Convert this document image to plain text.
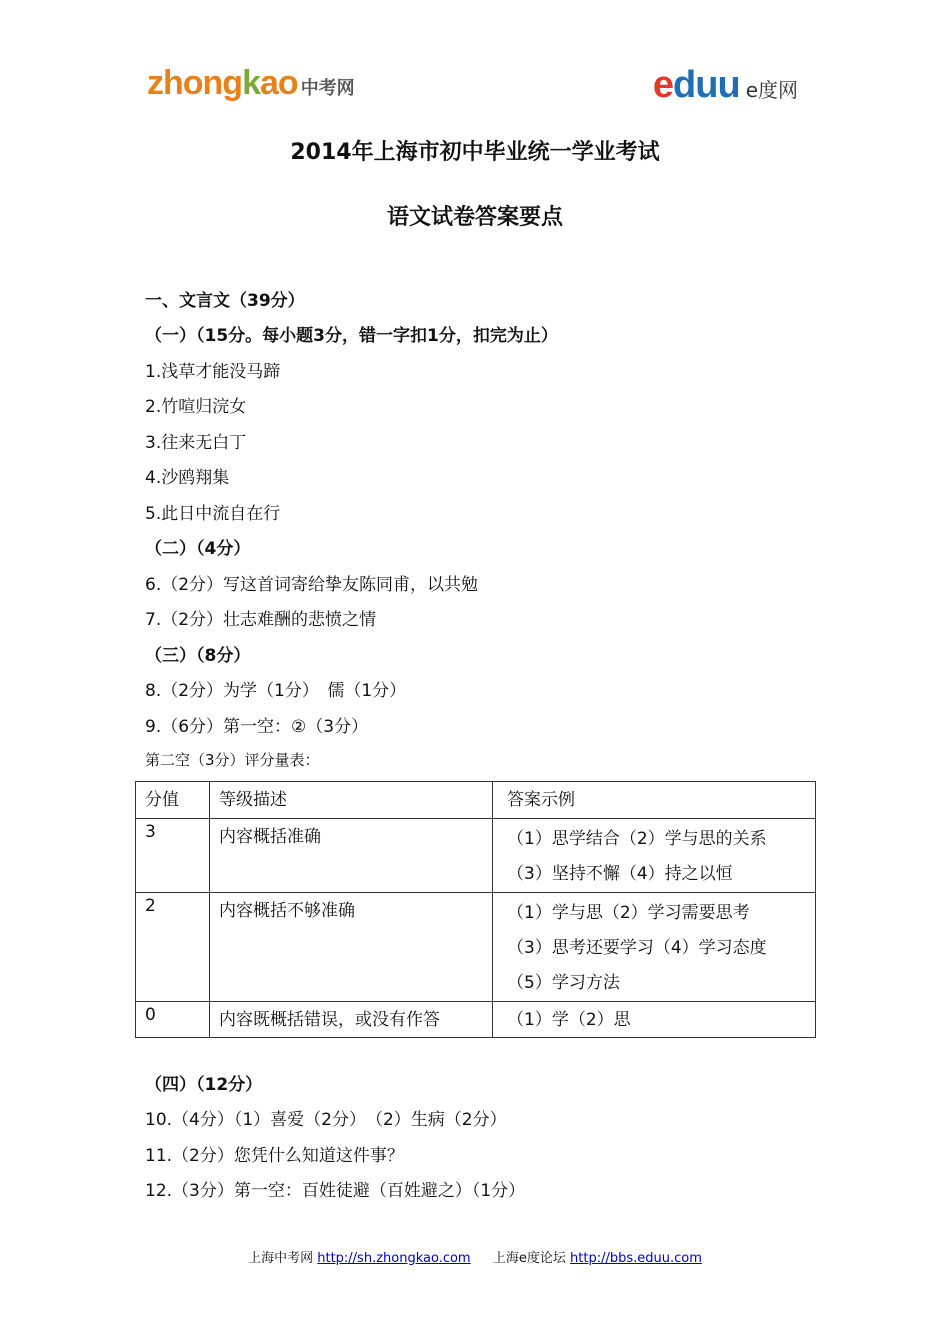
zhongkao 中考网	eduu e度网
2014年上海市初中毕业统一学业考试
语文试卷答案要点
一、文言文（39分）
（一）（15分。每小题3分，错一字扣1分，扣完为止）
1.浅草才能没马蹄
2.竹喧归浣女
3.往来无白丁
4.沙鸥翔集
5.此日中流自在行
（二）（4分）
6.（2分）写这首词寄给挚友陈同甫，以共勉
7.（2分）壮志难酬的悲愤之情
（三）（8分）
8.（2分）为学（1分）　儒（1分）
9.（6分）第一空：②（3分）
第二空（3分）评分量表：
分值	等级描述	答案示例
3	内容概括准确	（1）思学结合（2）学与思的关系
（3）坚持不懈（4）持之以恒

2	内容概括不够准确	（1）学与思（2）学习需要思考
（3）思考还要学习（4）学习态度
（5）学习方法

0	内容既概括错误，或没有作答	（1）学（2）思
（四）（12分）
10.（4分）（1）喜爱（2分）　（2）生病（2分）
11.（2分）您凭什么知道这件事？
12.（3分）第一空：百姓徒避（百姓避之）（1分）
上海中考网 http://sh.zhongkao.com 上海e度论坛 http://bbs.eduu.com
